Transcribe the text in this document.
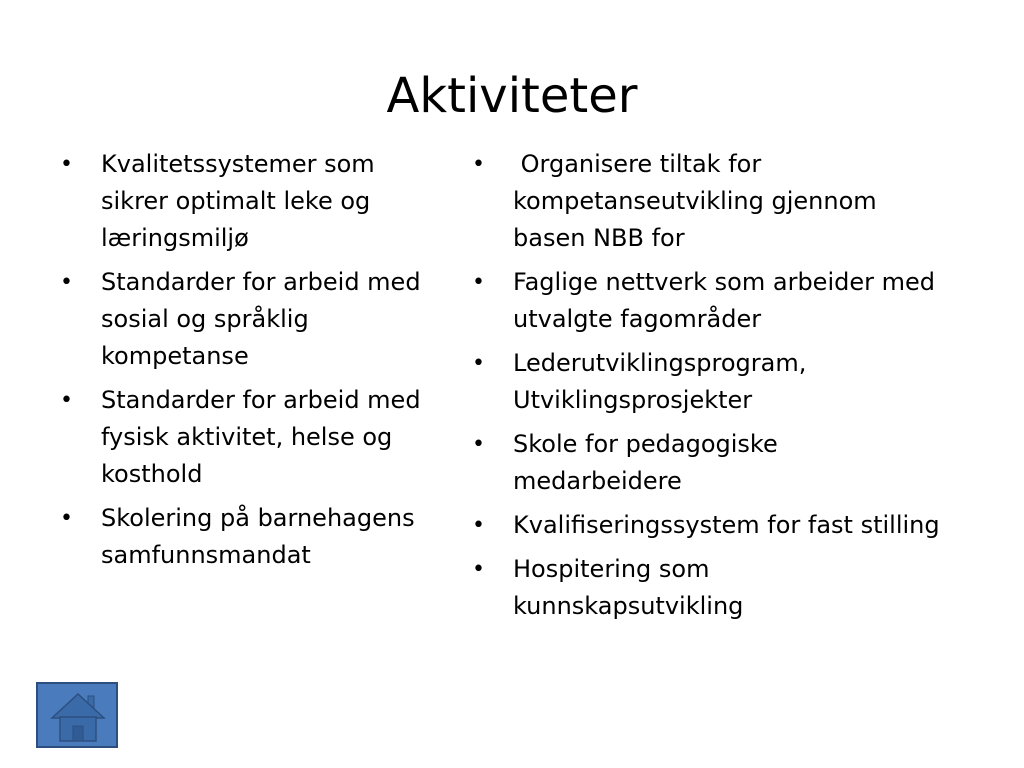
Aktiviteter
•	Kvalitetssystemer som sikrer optimalt leke og læringsmiljø
•	Standarder for arbeid med sosial og språklig kompetanse
•	Standarder for arbeid med fysisk aktivitet, helse og kosthold
•	Skolering på barnehagens samfunnsmandat
•	Organisere tiltak for kompetanseutvikling gjennom basen NBB for
•	Faglige nettverk som arbeider med utvalgte fagområder
•	Lederutviklingsprogram, Utviklingsprosjekter
•	Skole for pedagogiske medarbeidere
•	Kvalifiseringssystem for fast stilling
•	Hospitering som kunnskapsutvikling
